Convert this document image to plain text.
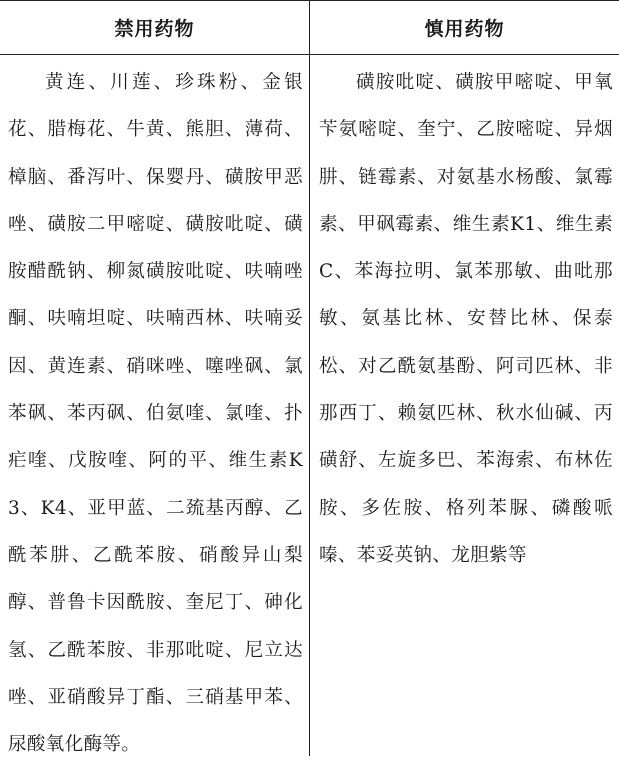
禁用药物	慎用药物
黄连、川莲、珍珠粉、金银花、腊梅花、牛黄、熊胆、薄荷、樟脑、番泻叶、保婴丹、磺胺甲恶唑、磺胺二甲嘧啶、磺胺吡啶、磺胺醋酰钠、柳氮磺胺吡啶、呋喃唑酮、呋喃坦啶、呋喃西林、呋喃妥因、黄连素、硝咪唑、噻唑砜、氯苯砜、苯丙砜、伯氨喹、氯喹、扑疟喹、戊胺喹、阿的平、维生素K3、K4、亚甲蓝、二巯基丙醇、乙酰苯肼、乙酰苯胺、硝酸异山梨醇、普鲁卡因酰胺、奎尼丁、砷化氢、乙酰苯胺、非那吡啶、尼立达唑、亚硝酸异丁酯、三硝基甲苯、尿酸氧化酶等。
磺胺吡啶、磺胺甲嘧啶、甲氧苄氨嘧啶、奎宁、乙胺嘧啶、异烟肼、链霉素、对氨基水杨酸、氯霉素、甲砜霉素、维生素K1、维生素C、苯海拉明、氯苯那敏、曲吡那敏、氨基比林、安替比林、保泰松、对乙酰氨基酚、阿司匹林、非那西丁、赖氨匹林、秋水仙碱、丙磺舒、左旋多巴、苯海索、布林佐胺、多佐胺、格列苯脲、磷酸哌嗪、苯妥英钠、龙胆紫等
